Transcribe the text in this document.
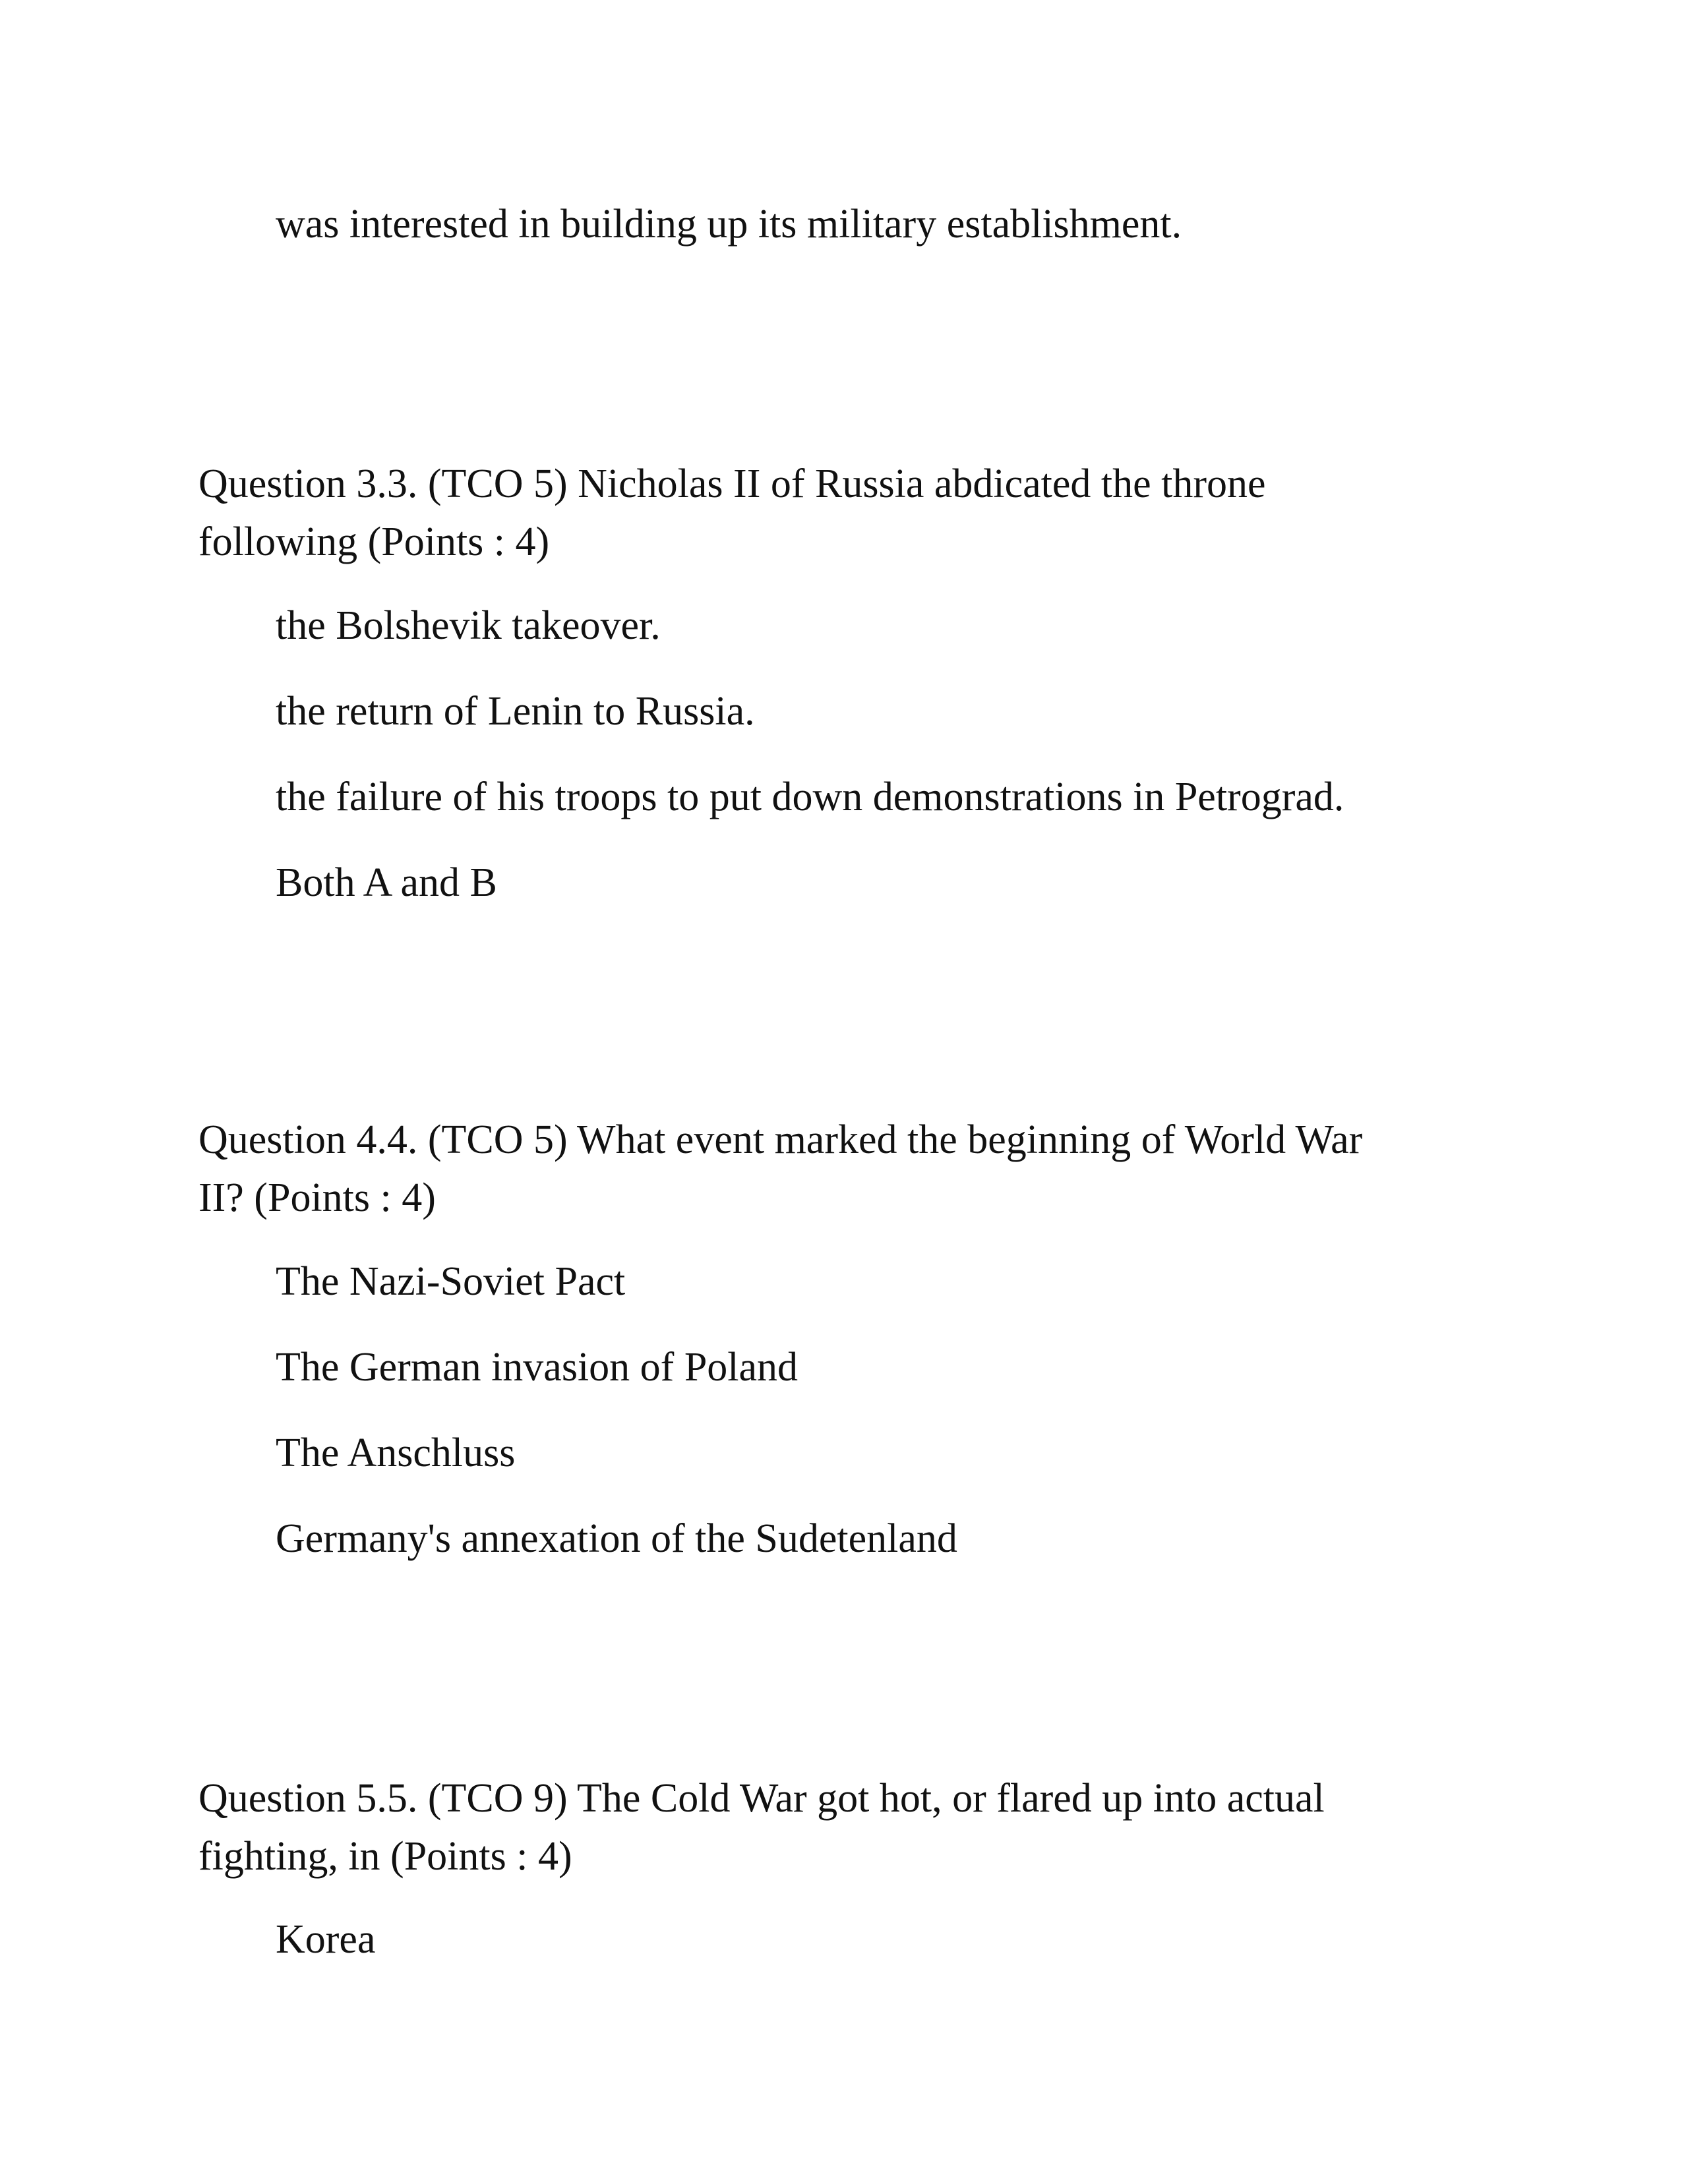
was interested in building up its military establishment.
Question 3.3. (TCO 5) Nicholas II of Russia abdicated the throne
following (Points : 4)
the Bolshevik takeover.
the return of Lenin to Russia.
the failure of his troops to put down demonstrations in Petrograd.
Both A and B
Question 4.4. (TCO 5) What event marked the beginning of World War
II? (Points : 4)
The Nazi-Soviet Pact
The German invasion of Poland
The Anschluss
Germany's annexation of the Sudetenland
Question 5.5. (TCO 9) The Cold War got hot, or flared up into actual
fighting, in (Points : 4)
Korea
